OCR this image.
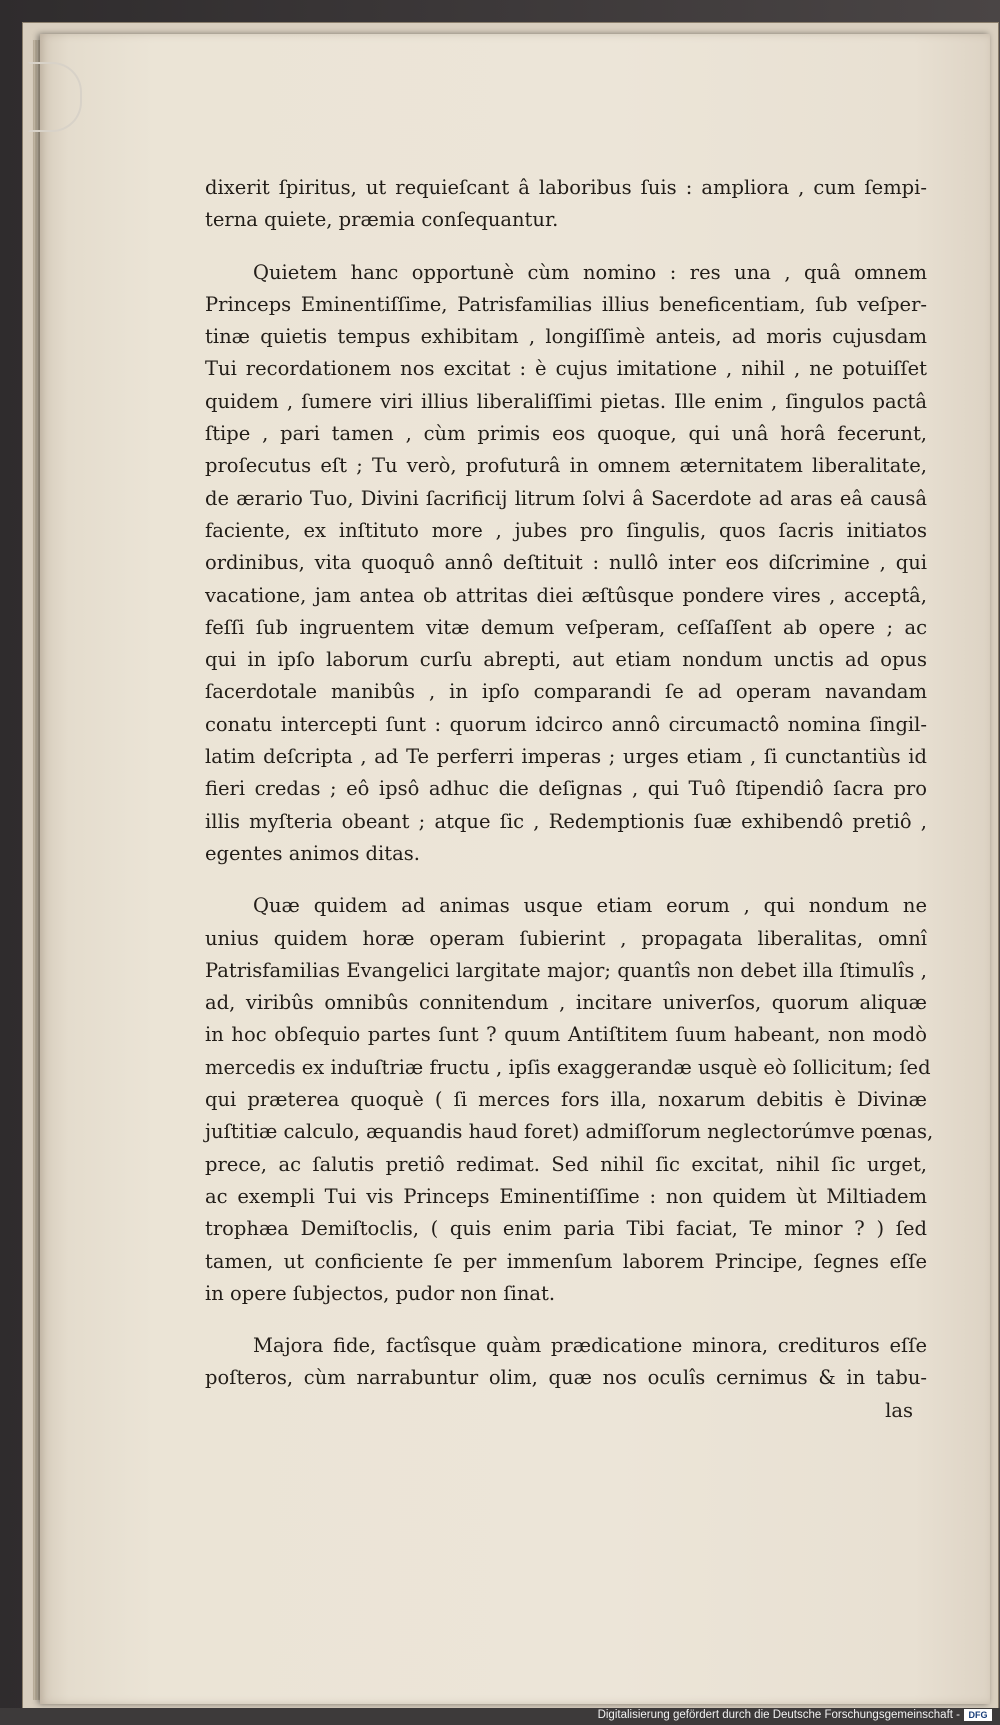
dixerit ſpiritus, ut requieſcant â laboribus ſuis : ampliora , cum ſempi-
terna quiete, præmia conſequantur.
Quietem hanc opportunè cùm nomino : res una , quâ omnem
Princeps Eminentiſſime, Patrisfamilias illius beneficentiam, ſub veſper-
tinæ quietis tempus exhibitam , longiſſimè anteis, ad moris cujusdam
Tui recordationem nos excitat : è cujus imitatione , nihil , ne potuiſſet
quidem , ſumere viri illius liberaliſſimi pietas. Ille enim , ſingulos pactâ
ſtipe , pari tamen , cùm primis eos quoque, qui unâ horâ fecerunt,
proſecutus eſt ; Tu verò, profuturâ in omnem æternitatem liberalitate,
de ærario Tuo, Divini ſacrificij litrum ſolvi â Sacerdote ad aras eâ causâ
faciente, ex inſtituto more , jubes pro ſingulis, quos ſacris initiatos
ordinibus, vita quoquô annô deſtituit : nullô inter eos diſcrimine , qui
vacatione, jam antea ob attritas diei æſtûsque pondere vires , acceptâ,
feſſi ſub ingruentem vitæ demum veſperam, ceſſaſſent ab opere ; ac
qui in ipſo laborum curſu abrepti, aut etiam nondum unctis ad opus
ſacerdotale manibûs , in ipſo comparandi ſe ad operam navandam
conatu intercepti ſunt : quorum idcirco annô circumactô nomina ſingil-
latim deſcripta , ad Te perferri imperas ; urges etiam , ſi cunctantiùs id
fieri credas ; eô ipsô adhuc die deſignas , qui Tuô ſtipendiô ſacra pro
illis myſteria obeant ; atque ſic , Redemptionis ſuæ exhibendô pretiô ,
egentes animos ditas.
Quæ quidem ad animas usque etiam eorum , qui nondum ne
unius quidem horæ operam ſubierint , propagata liberalitas, omnî
Patrisfamilias Evangelici largitate major; quantîs non debet illa ſtimulîs ,
ad, viribûs omnibûs connitendum , incitare univerſos, quorum aliquæ
in hoc obſequio partes ſunt ? quum Antiſtitem ſuum habeant, non modò
mercedis ex induſtriæ fructu , ipſis exaggerandæ usquè eò ſollicitum; ſed
qui præterea quoquè ( ſi merces fors illa, noxarum debitis è Divinæ
juſtitiæ calculo, æquandis haud foret) admiſſorum neglectorúmve pœnas,
prece, ac ſalutis pretiô redimat. Sed nihil ſic excitat, nihil ſic urget,
ac exempli Tui vis Princeps Eminentiſſime : non quidem ùt Miltiadem
trophæa Demiſtoclis, ( quis enim paria Tibi faciat, Te minor ? ) ſed
tamen, ut conficiente ſe per immenſum laborem Principe, ſegnes eſſe
in opere ſubjectos, pudor non ſinat.
Majora fide, factîsque quàm prædicatione minora, credituros eſſe
poſteros, cùm narrabuntur olim, quæ nos oculîs cernimus & in tabu-
las
Digitalisierung gefördert durch die Deutsche Forschungsgemeinschaft - DFG
